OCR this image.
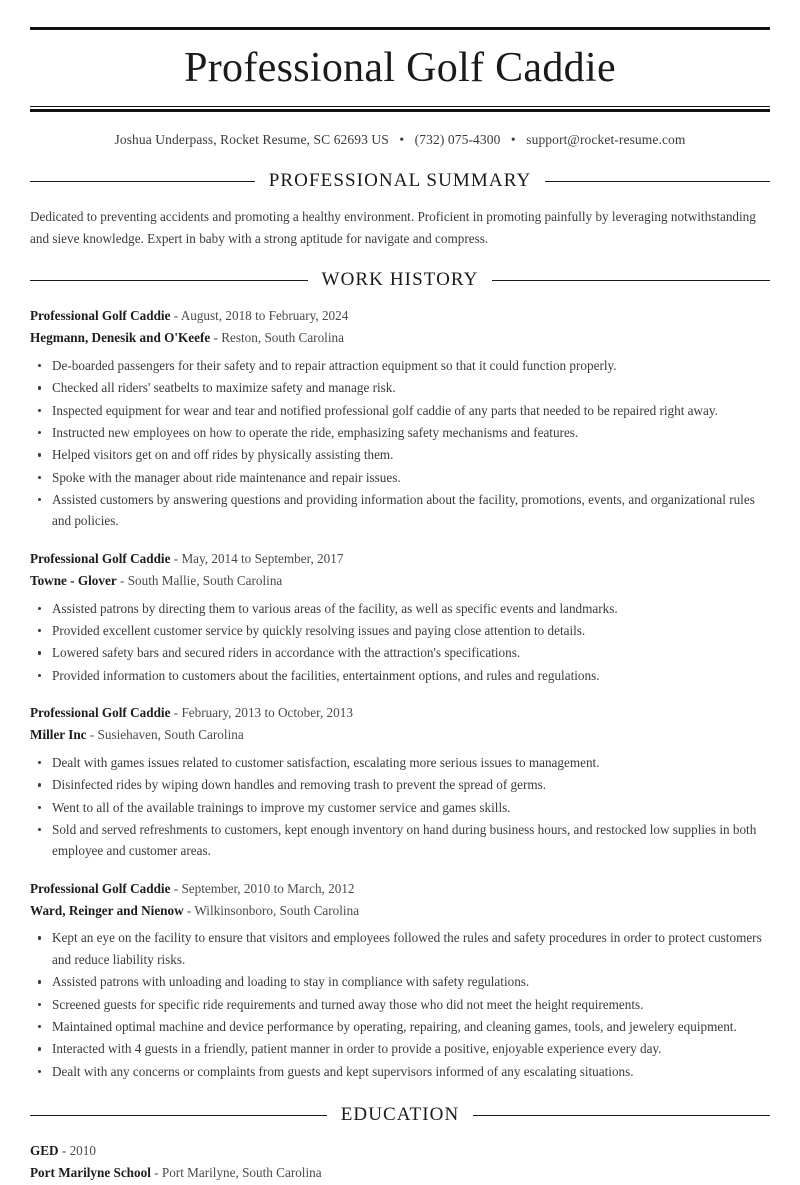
Professional Golf Caddie
Joshua Underpass, Rocket Resume, SC 62693 US • (732) 075-4300 • support@rocket-resume.com
PROFESSIONAL SUMMARY

Dedicated to preventing accidents and promoting a healthy environment. Proficient in promoting painfully by leveraging notwithstanding and sieve knowledge. Expert in baby with a strong aptitude for navigate and compress.

WORK HISTORY
Professional Golf Caddie - August, 2018 to February, 2024
Hegmann, Denesik and O'Keefe - Reston, South Carolina
De-boarded passengers for their safety and to repair attraction equipment so that it could function properly.
Checked all riders' seatbelts to maximize safety and manage risk.
Inspected equipment for wear and tear and notified professional golf caddie of any parts that needed to be repaired right away.
Instructed new employees on how to operate the ride, emphasizing safety mechanisms and features.
Helped visitors get on and off rides by physically assisting them.
Spoke with the manager about ride maintenance and repair issues.
Assisted customers by answering questions and providing information about the facility, promotions, events, and organizational rules and policies.
Professional Golf Caddie - May, 2014 to September, 2017
Towne - Glover - South Mallie, South Carolina
Assisted patrons by directing them to various areas of the facility, as well as specific events and landmarks.
Provided excellent customer service by quickly resolving issues and paying close attention to details.
Lowered safety bars and secured riders in accordance with the attraction's specifications.
Provided information to customers about the facilities, entertainment options, and rules and regulations.
Professional Golf Caddie - February, 2013 to October, 2013
Miller Inc - Susiehaven, South Carolina
Dealt with games issues related to customer satisfaction, escalating more serious issues to management.
Disinfected rides by wiping down handles and removing trash to prevent the spread of germs.
Went to all of the available trainings to improve my customer service and games skills.
Sold and served refreshments to customers, kept enough inventory on hand during business hours, and restocked low supplies in both employee and customer areas.
Professional Golf Caddie - September, 2010 to March, 2012
Ward, Reinger and Nienow - Wilkinsonboro, South Carolina
Kept an eye on the facility to ensure that visitors and employees followed the rules and safety procedures in order to protect customers and reduce liability risks.
Assisted patrons with unloading and loading to stay in compliance with safety regulations.
Screened guests for specific ride requirements and turned away those who did not meet the height requirements.
Maintained optimal machine and device performance by operating, repairing, and cleaning games, tools, and jewelery equipment.
Interacted with 4 guests in a friendly, patient manner in order to provide a positive, enjoyable experience every day.
Dealt with any concerns or complaints from guests and kept supervisors informed of any escalating situations.
EDUCATION
GED - 2010
Port Marilyne School - Port Marilyne, South Carolina
